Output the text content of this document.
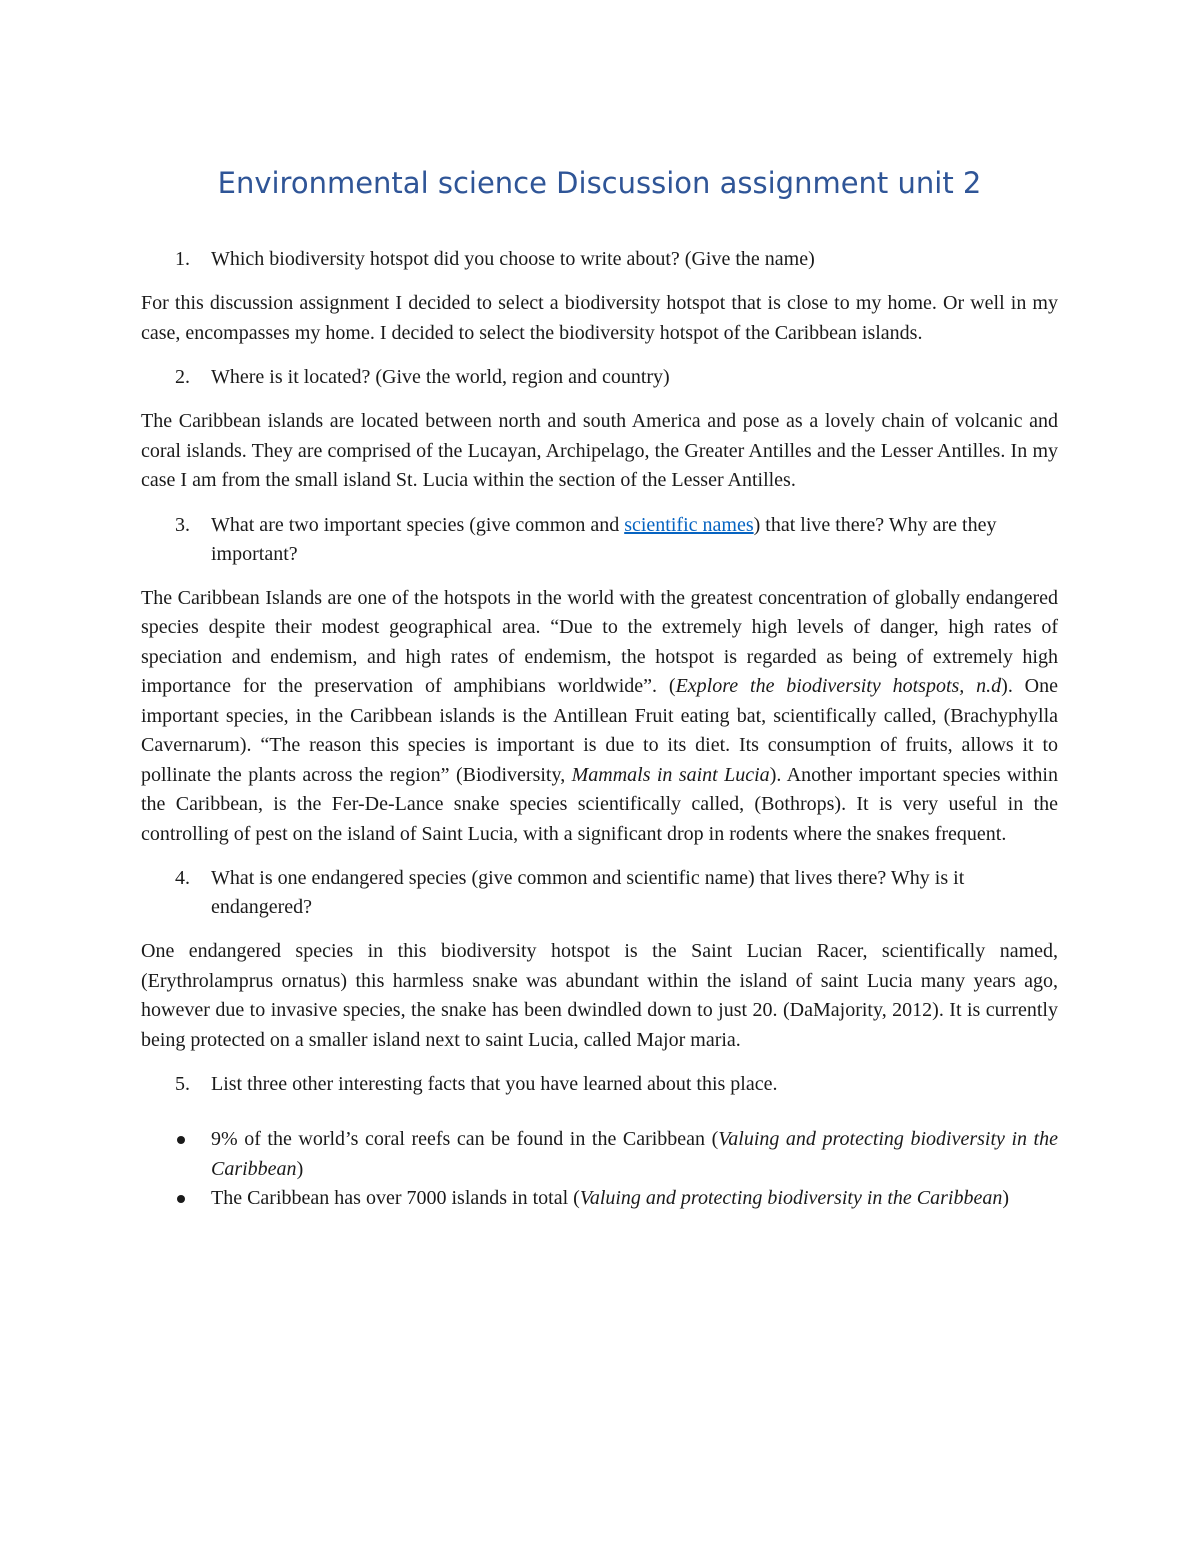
Environmental science Discussion assignment unit 2
1.	Which biodiversity hotspot did you choose to write about? (Give the name)

For this discussion assignment I decided to select a biodiversity hotspot that is close to my home. Or well in my case, encompasses my home. I decided to select the biodiversity hotspot of the Caribbean islands.

2.	Where is it located? (Give the world, region and country)

The Caribbean islands are located between north and south America and pose as a lovely chain of volcanic and coral islands. They are comprised of the Lucayan, Archipelago, the Greater Antilles and the Lesser Antilles. In my case I am from the small island St. Lucia within the section of the Lesser Antilles.

3.	What are two important species (give common and scientific names) that live there? Why are they important?

The Caribbean Islands are one of the hotspots in the world with the greatest concentration of globally endangered species despite their modest geographical area. “Due to the extremely high levels of danger, high rates of speciation and endemism, and high rates of endemism, the hotspot is regarded as being of extremely high importance for the preservation of amphibians worldwide”. (Explore the biodiversity hotspots, n.d). One important species, in the Caribbean islands is the Antillean Fruit eating bat, scientifically called, (Brachyphylla Cavernarum). “The reason this species is important is due to its diet. Its consumption of fruits, allows it to pollinate the plants across the region” (Biodiversity, Mammals in saint Lucia). Another important species within the Caribbean, is the Fer-De-Lance snake species scientifically called, (Bothrops). It is very useful in the controlling of pest on the island of Saint Lucia, with a significant drop in rodents where the snakes frequent.

4.	What is one endangered species (give common and scientific name) that lives there? Why is it endangered?

One endangered species in this biodiversity hotspot is the Saint Lucian Racer, scientifically named, (Erythrolamprus ornatus) this harmless snake was abundant within the island of saint Lucia many years ago, however due to invasive species, the snake has been dwindled down to just 20. (DaMajority, 2012). It is currently being protected on a smaller island next to saint Lucia, called Major maria.

5.	List three other interesting facts that you have learned about this place.
9% of the world’s coral reefs can be found in the Caribbean (Valuing and protecting biodiversity in the Caribbean)
The Caribbean has over 7000 islands in total (Valuing and protecting biodiversity in the Caribbean)
